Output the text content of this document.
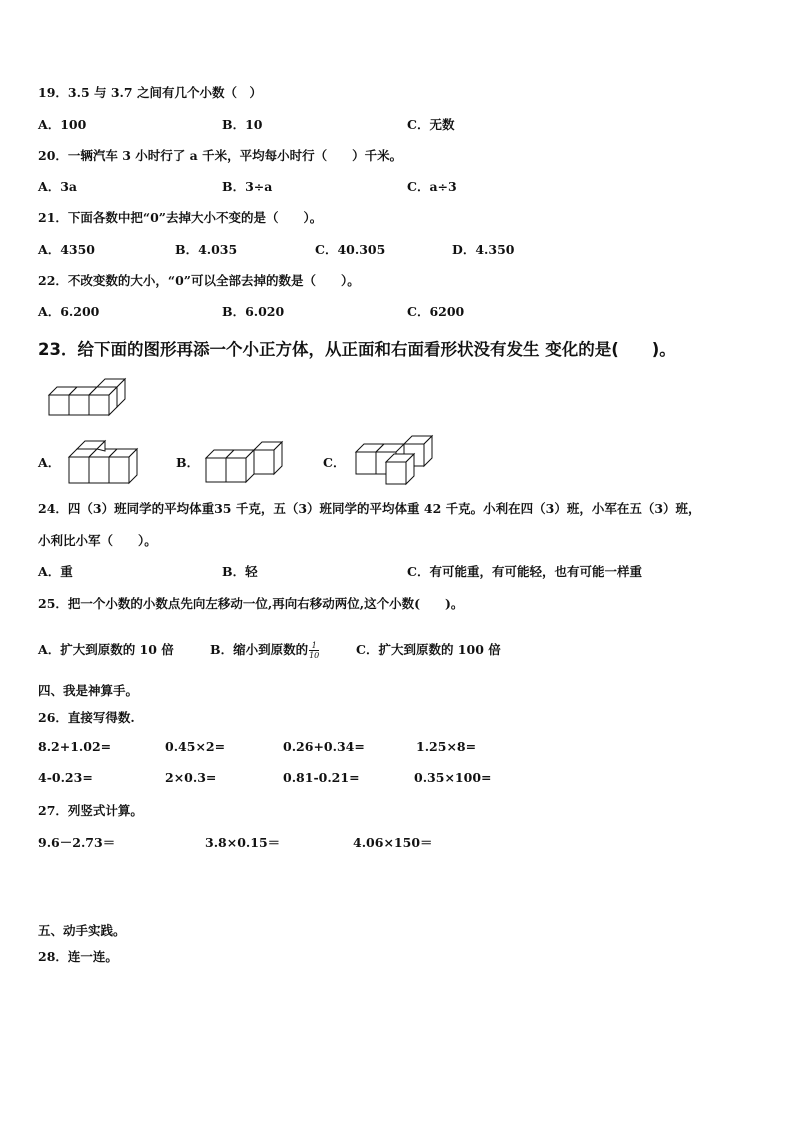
19．3.5 与 3.7 之间有几个小数（　）
A．100	B．10	C．无数
20．一辆汽车 3 小时行了 a 千米，平均每小时行（　　）千米。
A．3a	B．3÷a	C．a÷3
21．下面各数中把“0”去掉大小不变的是（　　）。
A．4350	B．4.035	C．40.305	D．4.350
22．不改变数的大小，“0”可以全部去掉的数是（　　）。
A．6.200	B．6.020	C．6200
23．给下面的图形再添一个小正方体，从正面和右面看形状没有发生 变化的是(　　)。
A．	B．	C．
24．四（3）班同学的平均体重35 千克，五（3）班同学的平均体重 42 千克。小利在四（3）班，小军在五（3）班，
小利比小军（　　）。
A．重	B．轻	C．有可能重，有可能轻，也有可能一样重
25．把一个小数的小数点先向左移动一位,再向右移动两位,这个小数(　　)。
A．扩大到原数的 10 倍	B．缩小到原数的 $\frac{1}{10}$	C．扩大到原数的 100 倍
四、我是神算手。
26．直接写得数.
8.2+1.02=	0.45×2=	0.26+0.34=	1.25×8=
4-0.23=	2×0.3=	0.81-0.21=	0.35×100=
27．列竖式计算。
9.6－2.73＝	3.8×0.15＝	4.06×150＝
五、动手实践。
28．连一连。
